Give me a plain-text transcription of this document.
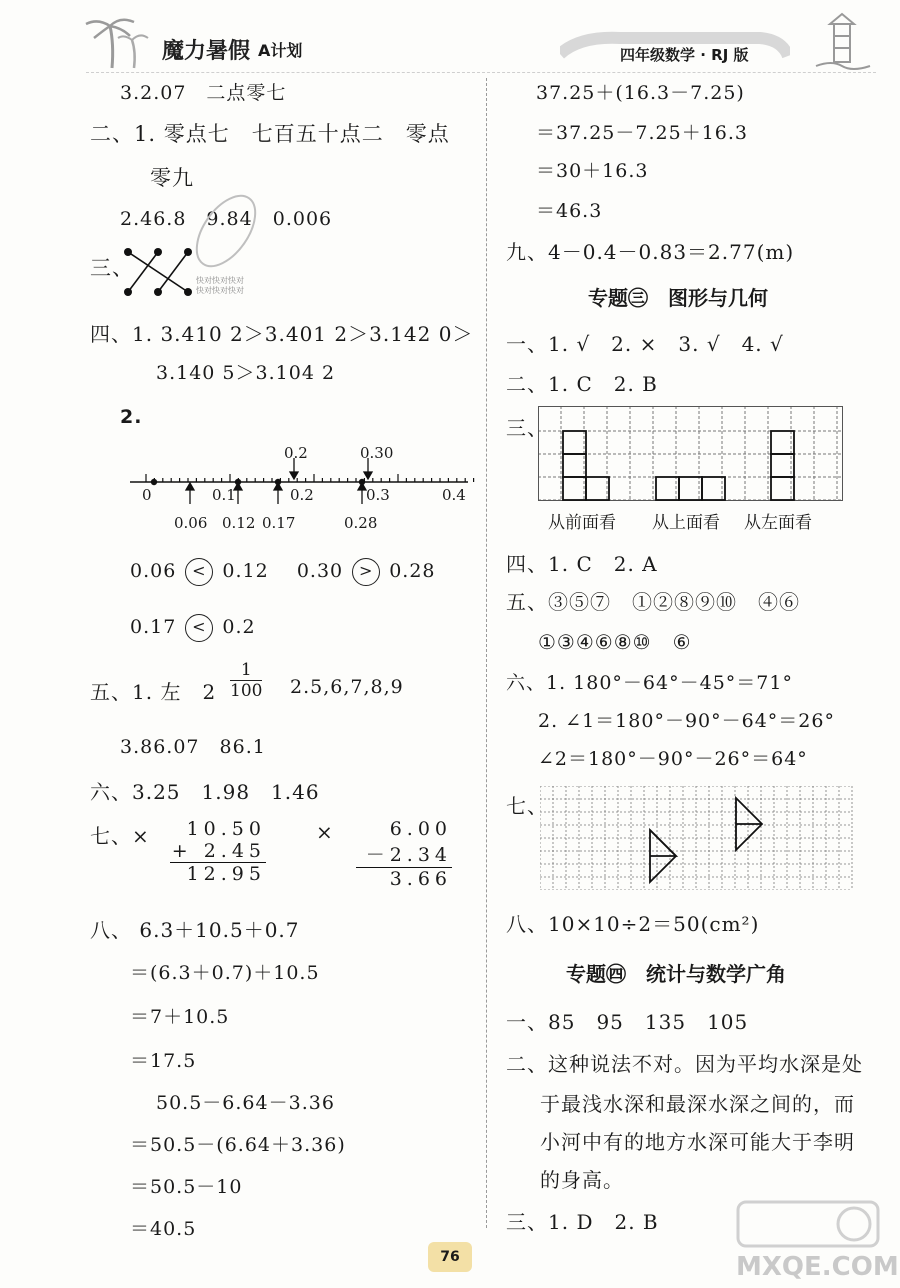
魔力暑假 A计划	四年级数学 · RJ 版
3.2.07　二点零七
二、1. 零点七　七百五十点二　零点
零九
2.46.8　9.84　0.006
三、
快对快对快对
快对快对快对
四、1. 3.410 2＞3.401 2＞3.142 0＞
3.140 5＞3.104 2
2.
0.2	0.30
0	0.1	0.2	0.3	0.4
0.06 0.12 0.17	0.28
0.06 < 0.12 0.30 > 0.28
0.17 < 0.2
五、1. 左　$2 \frac{1}{100} 2.5,6,7,8,9$
3.86.07　86.1
六、3.25　1.98　1.46
七、×	10.50
+ 2.45
12.95
×	6.00
－2.34
3.66
八、 6.3＋10.5＋0.7
＝(6.3＋0.7)＋10.5
＝7＋10.5
＝17.5
50.5－6.64－3.36
＝50.5－(6.64＋3.36)
＝50.5－10
＝40.5
37.25＋(16.3－7.25)
＝37.25－7.25＋16.3
＝30＋16.3
＝46.3
九、4－0.4－0.83＝2.77(m)
专题㊂　图形与几何
一、1. √　2. ×　3. √　4. √
二、1. C　2. B
三、
从前面看 从上面看 从左面看
四、1. C　2. A
五、③⑤⑦　①②⑧⑨⑩　④⑥
①③④⑥⑧⑩　⑥
六、1. 180°－64°－45°＝71°
2. ∠1＝180°－90°－64°＝26°
∠2＝180°－90°－26°＝64°
七、
八、10×10÷2＝50(cm²)
专题㊃　统计与数学广角
一、85　95　135　105
二、这种说法不对。因为平均水深是处
于最浅水深和最深水深之间的，而
小河中有的地方水深可能大于李明
的身高。
三、1. D　2. B
76	MXQE.COM
